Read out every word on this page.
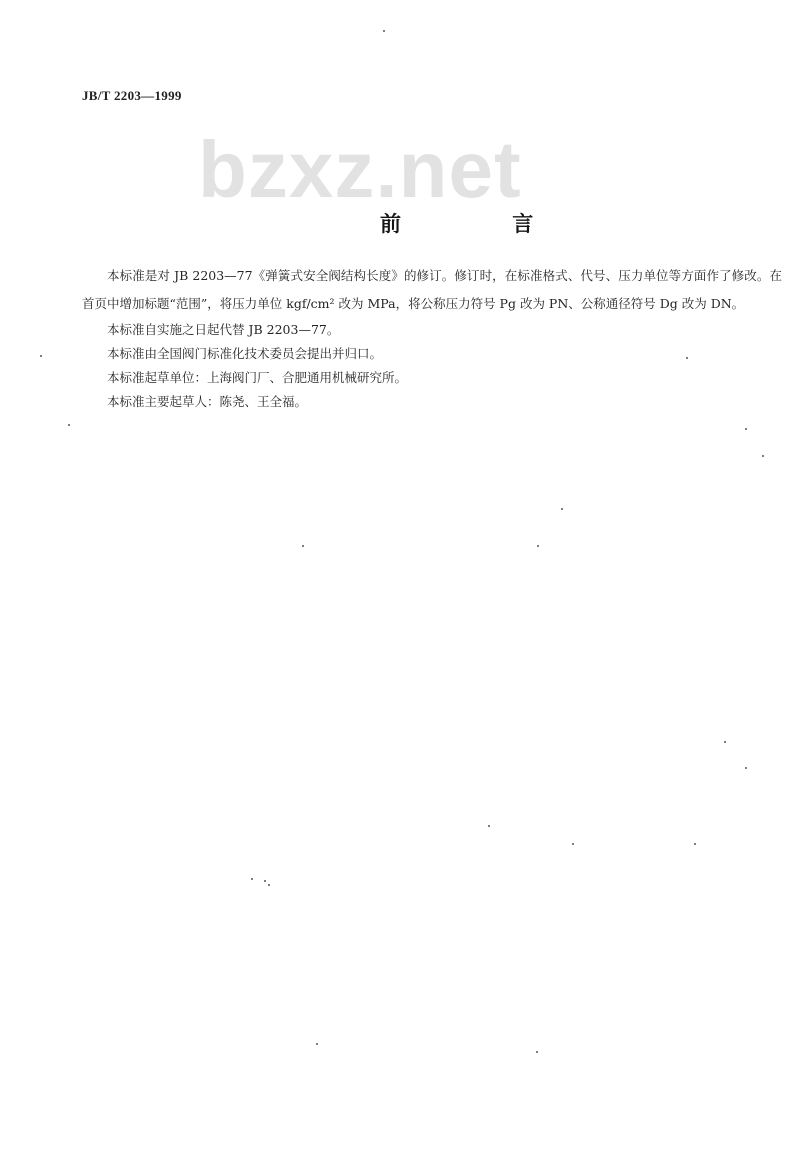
JB/T 2203—1999
bzxz.net
前 言

本标准是对 JB 2203—77《弹簧式安全阀结构长度》的修订。修订时，在标准格式、代号、压力单位等方面作了修改。在首页中增加标题“范围”，将压力单位 kgf/cm² 改为 MPa，将公称压力符号 Pg 改为 PN、公称通径符号 Dg 改为 DN。

本标准自实施之日起代替 JB 2203—77。

本标准由全国阀门标准化技术委员会提出并归口。

本标准起草单位：上海阀门厂、合肥通用机械研究所。

本标准主要起草人：陈尧、王全福。
